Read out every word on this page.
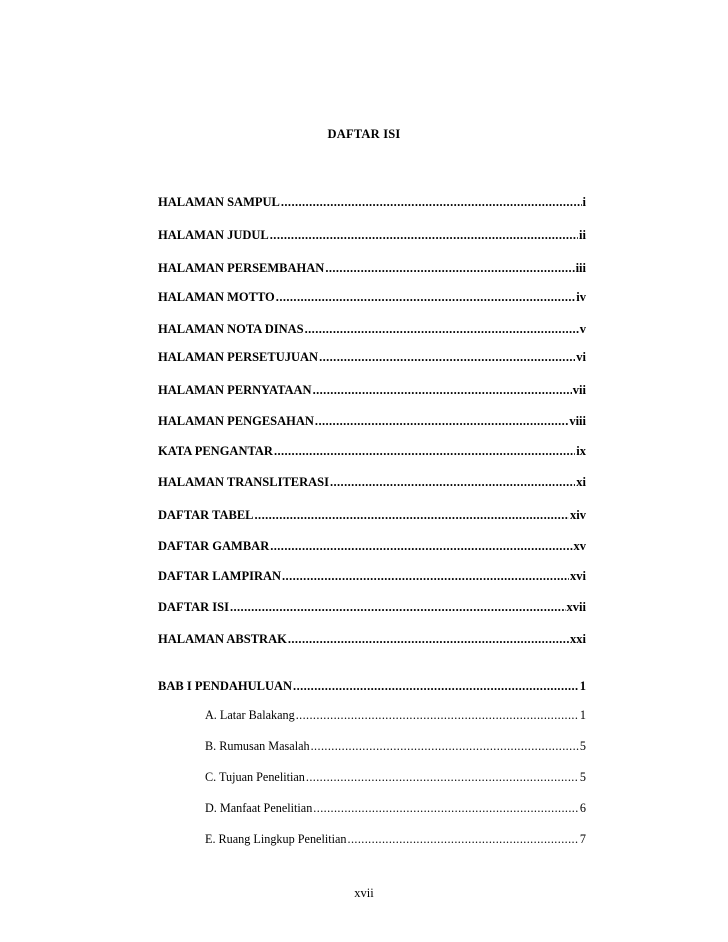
DAFTAR ISI
HALAMAN SAMPUL .....	i
HALAMAN JUDUL .....	ii
HALAMAN PERSEMBAHAN .....	iii
HALAMAN MOTTO .....	iv
HALAMAN NOTA DINAS .....	v
HALAMAN PERSETUJUAN .....	vi
HALAMAN PERNYATAAN .....	vii
HALAMAN PENGESAHAN .....	viii
KATA PENGANTAR .....	ix
HALAMAN TRANSLITERASI .....	xi
DAFTAR TABEL .....	xiv
DAFTAR GAMBAR .....	xv
DAFTAR LAMPIRAN .....	xvi
DAFTAR ISI .....	xvii
HALAMAN ABSTRAK .....	xxi
BAB I PENDAHULUAN .....	1
A. Latar Balakang .....	1
B. Rumusan Masalah .....	5
C. Tujuan Penelitian .....	5
D. Manfaat Penelitian .....	6
E. Ruang Lingkup Penelitian .....	7
xvii
